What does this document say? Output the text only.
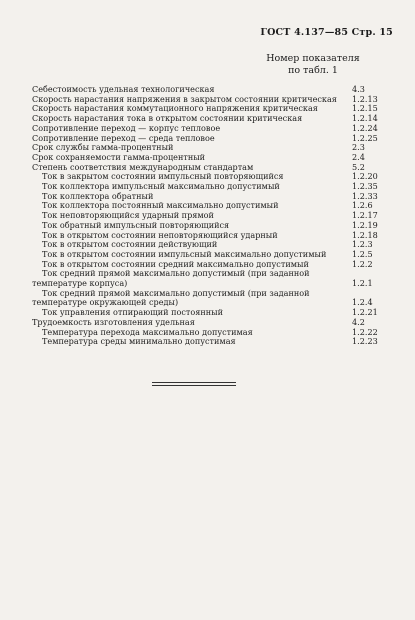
ГОСТ 4.137—85 Стр. 15
Номер показателя
по табл. 1
Себестоимость удельная технологическая	4.3
Скорость нарастания напряжения в закрытом состоянии критическая	1.2.13
Скорость нарастания коммутационного напряжения критическая	1.2.15
Скорость нарастания тока в открытом состоянии критическая	1.2.14
Сопротивление переход — корпус тепловое	1.2.24
Сопротивление переход — среда тепловое	1.2.25
Срок службы гамма-процентный	2.3
Срок сохраняемости гамма-процентный	2.4
Степень соответствия международным стандартам	5.2
Ток в закрытом состоянии импульсный повторяющийся	1.2.20
Ток коллектора импульсный максимально допустимый	1.2.35
Ток коллектора обратный	1.2.33
Ток коллектора постоянный максимально допустимый	1.2.6
Ток неповторяющийся ударный прямой	1.2.17
Ток обратный импульсный повторяющийся	1.2.19
Ток в открытом состоянии неповторяющийся ударный	1.2.18
Ток в открытом состоянии действующий	1.2.3
Ток в открытом состоянии импульсный максимально допустимый	1.2.5
Ток в открытом состоянии средний максимально допустимый	1.2.2
Ток средний прямой максимально допустимый (при заданной температуре корпуса)	1.2.1
Ток средний прямой максимально допустимый (при заданной температуре окружающей среды)	1.2.4
Ток управления отпирающий постоянный	1.2.21
Трудоемкость изготовления удельная	4.2
Температура перехода максимально допустимая	1.2.22
Температура среды минимально допустимая	1.2.23
